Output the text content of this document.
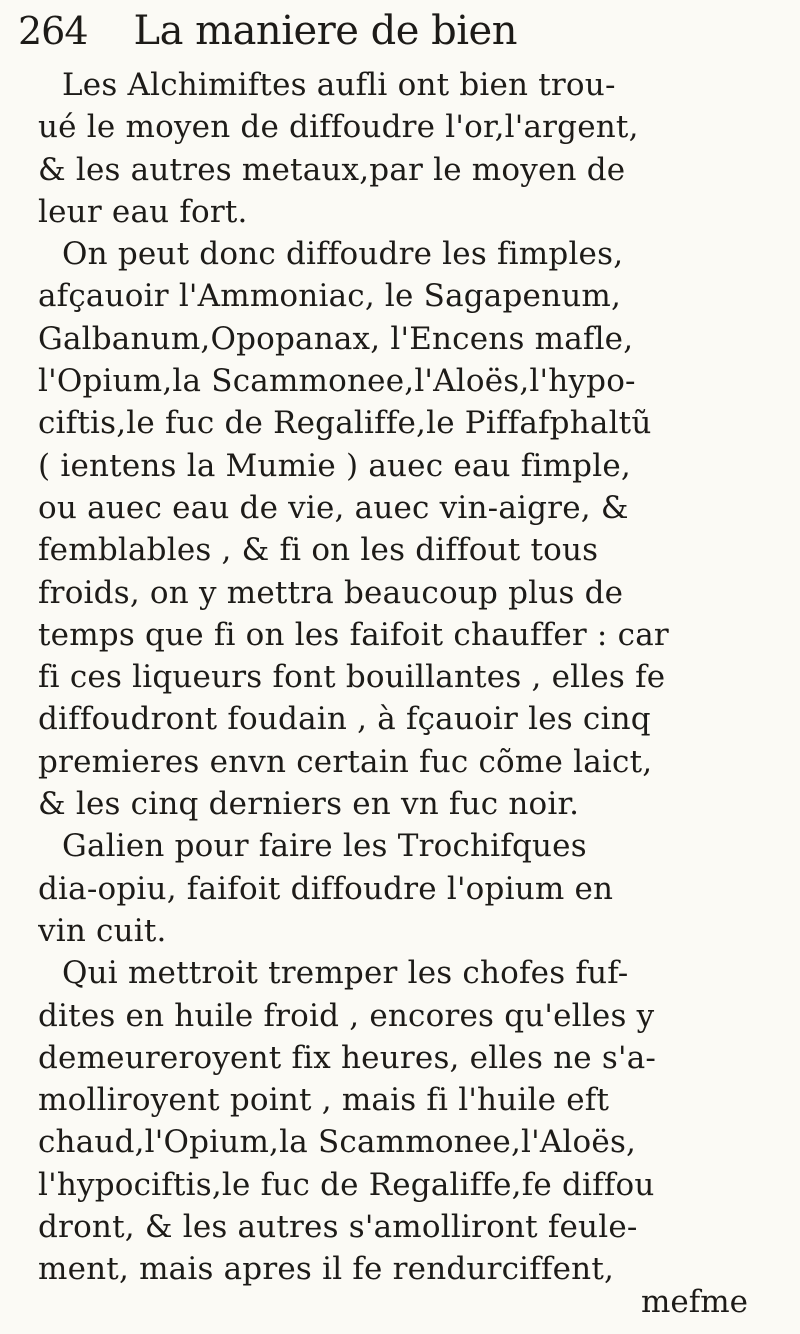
264 La maniere de bien
Les Alchimiftes aufli ont bien trou-
ué le moyen de diffoudre l'or,l'argent,
& les autres metaux,par le moyen de
leur eau fort.
On peut donc diffoudre les fimples,
afçauoir l'Ammoniac, le Sagapenum,
Galbanum,Opopanax, l'Encens mafle,
l'Opium,la Scammonee,l'Aloës,l'hypo-
ciftis,le fuc de Regaliffe,le Piffafphaltũ
( ientens la Mumie ) auec eau fimple,
ou auec eau de vie, auec vin-aigre, &
femblables , & fi on les diffout tous
froids, on y mettra beaucoup plus de
temps que fi on les faifoit chauffer : car
fi ces liqueurs font bouillantes , elles fe
diffoudront foudain , à fçauoir les cinq
premieres envn certain fuc cõme laict,
& les cinq derniers en vn fuc noir.
Galien pour faire les Trochifques
dia-opiu, faifoit diffoudre l'opium en
vin cuit.
Qui mettroit tremper les chofes fuf-
dites en huile froid , encores qu'elles y
demeureroyent fix heures, elles ne s'a-
molliroyent point , mais fi l'huile eft
chaud,l'Opium,la Scammonee,l'Aloës,
l'hypociftis,le fuc de Regaliffe,fe diffou
dront, & les autres s'amolliront feule-
ment, mais apres il fe rendurciffent,
mefme
